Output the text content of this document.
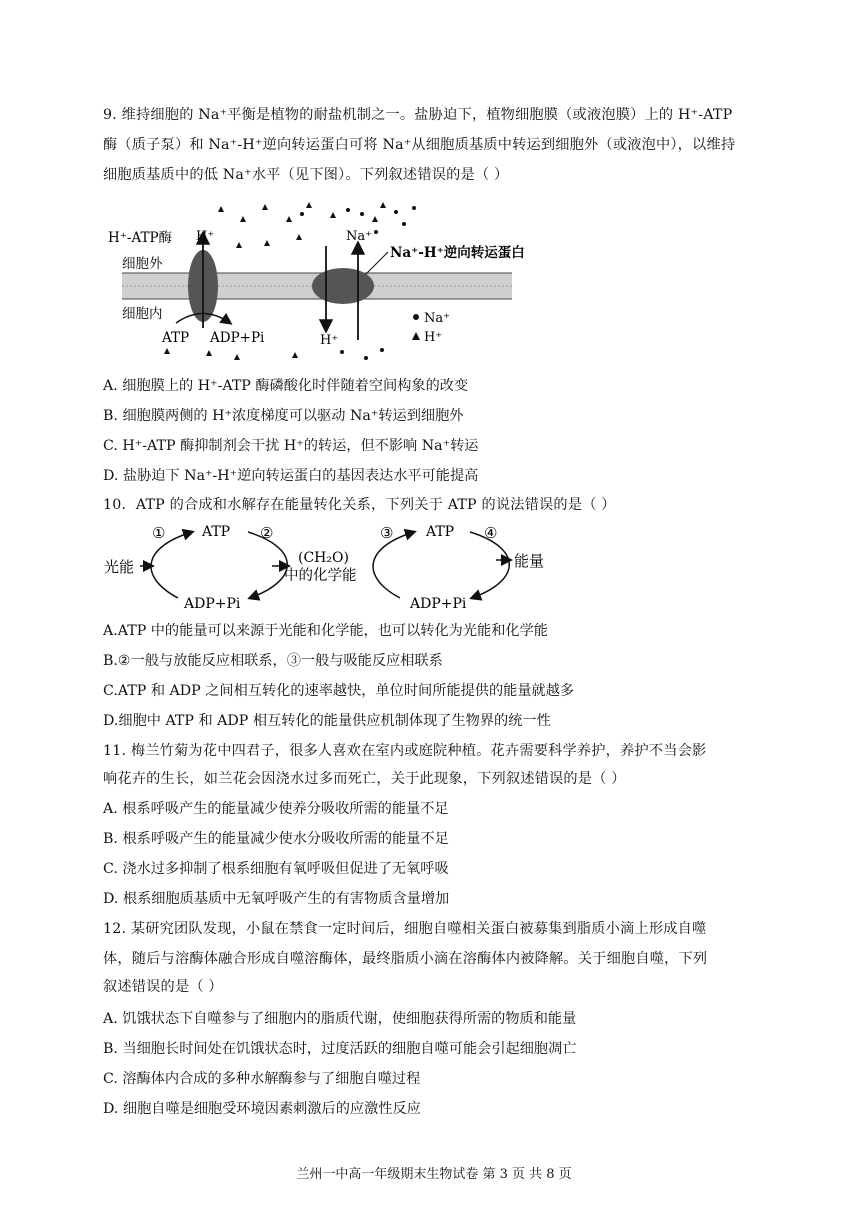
9. 维持细胞的 Na⁺平衡是植物的耐盐机制之一。盐胁迫下，植物细胞膜（或液泡膜）上的 H⁺-ATP
酶（质子泵）和 Na⁺-H⁺逆向转运蛋白可将 Na⁺从细胞质基质中转运到细胞外（或液泡中），以维持
细胞质基质中的低 Na⁺水平（见下图）。下列叙述错误的是（ ）
H⁺-ATP酶
细胞外
细胞内
H⁺	Na⁺
Na⁺-H⁺逆向转运蛋白
ATP ADP+Pi	H⁺
Na⁺
H⁺
A. 细胞膜上的 H⁺-ATP 酶磷酸化时伴随着空间构象的改变
B. 细胞膜两侧的 H⁺浓度梯度可以驱动 Na⁺转运到细胞外
C. H⁺-ATP 酶抑制剂会干扰 H⁺的转运，但不影响 Na⁺转运
D. 盐胁迫下 Na⁺-H⁺逆向转运蛋白的基因表达水平可能提高
10．ATP 的合成和水解存在能量转化关系，下列关于 ATP 的说法错误的是（ ）
①	ATP ②
光能	(CH₂O)
中的化学能
ADP+Pi
③ ATP ④
能量
ADP+Pi
A.ATP 中的能量可以来源于光能和化学能，也可以转化为光能和化学能
B.②一般与放能反应相联系，③一般与吸能反应相联系
C.ATP 和 ADP 之间相互转化的速率越快，单位时间所能提供的能量就越多
D.细胞中 ATP 和 ADP 相互转化的能量供应机制体现了生物界的统一性
11. 梅兰竹菊为花中四君子，很多人喜欢在室内或庭院种植。花卉需要科学养护，养护不当会影
响花卉的生长，如兰花会因浇水过多而死亡，关于此现象，下列叙述错误的是（ ）
A. 根系呼吸产生的能量减少使养分吸收所需的能量不足
B. 根系呼吸产生的能量减少使水分吸收所需的能量不足
C. 浇水过多抑制了根系细胞有氧呼吸但促进了无氧呼吸
D. 根系细胞质基质中无氧呼吸产生的有害物质含量增加
12. 某研究团队发现，小鼠在禁食一定时间后，细胞自噬相关蛋白被募集到脂质小滴上形成自噬
体，随后与溶酶体融合形成自噬溶酶体，最终脂质小滴在溶酶体内被降解。关于细胞自噬，下列
叙述错误的是（ ）
A. 饥饿状态下自噬参与了细胞内的脂质代谢，使细胞获得所需的物质和能量
B. 当细胞长时间处在饥饿状态时，过度活跃的细胞自噬可能会引起细胞凋亡
C. 溶酶体内合成的多种水解酶参与了细胞自噬过程
D. 细胞自噬是细胞受环境因素刺激后的应激性反应
兰州一中高一年级期末生物试卷 第 3 页 共 8 页
